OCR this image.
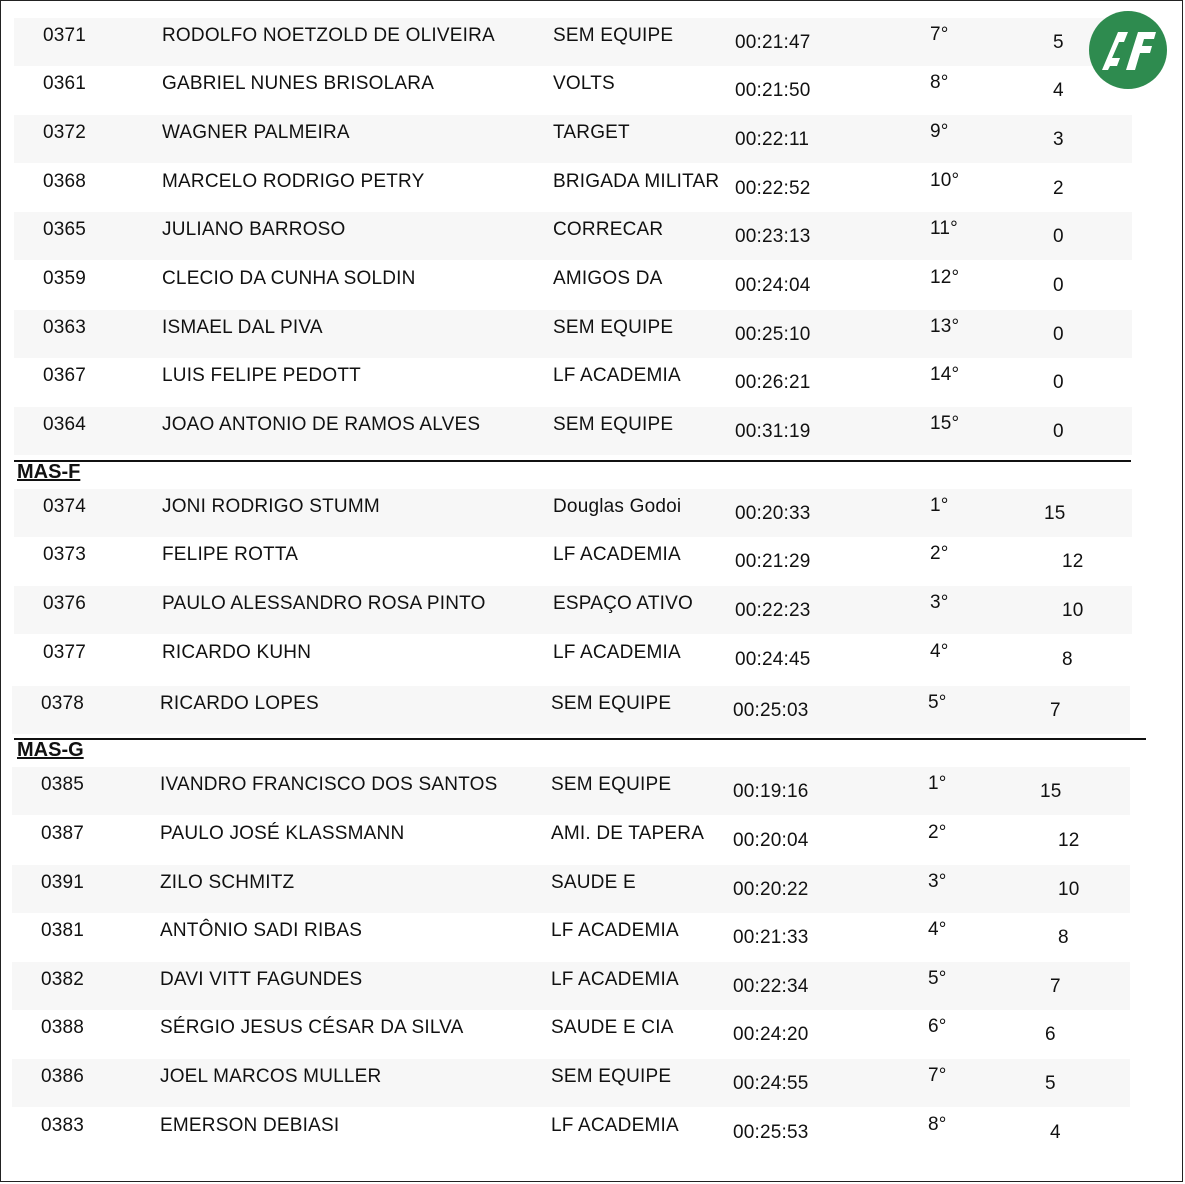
0371	RODOLFO NOETZOLD DE OLIVEIRA	SEM EQUIPE	00:21:47	7°	5
0361	GABRIEL NUNES BRISOLARA	VOLTS	00:21:50	8°	4
0372	WAGNER PALMEIRA	TARGET	00:22:11	9°	3
0368	MARCELO RODRIGO PETRY	BRIGADA MILITAR 00:22:52	10°	2
0365	JULIANO BARROSO	CORRECAR	00:23:13	11°	0
0359	CLECIO DA CUNHA SOLDIN	AMIGOS DA	00:24:04	12°	0
0363	ISMAEL DAL PIVA	SEM EQUIPE	00:25:10	13°	0
0367	LUIS FELIPE PEDOTT	LF ACADEMIA	00:26:21	14°	0
0364	JOAO ANTONIO DE RAMOS ALVES	SEM EQUIPE	00:31:19	15°	0
MAS-F
0374	JONI RODRIGO STUMM	Douglas Godoi	00:20:33	1°	15
0373	FELIPE ROTTA	LF ACADEMIA	00:21:29	2°	12
0376	PAULO ALESSANDRO ROSA PINTO	ESPAÇO ATIVO 00:22:23	3°	10
0377	RICARDO KUHN	LF ACADEMIA	00:24:45	4°	8
0378	RICARDO LOPES	SEM EQUIPE	00:25:03	5°	7
MAS-G
0385	IVANDRO FRANCISCO DOS SANTOS	SEM EQUIPE	00:19:16	1°	15
0387	PAULO JOSÉ KLASSMANN	AMI. DE TAPERA 00:20:04	2°	12
0391	ZILO SCHMITZ	SAUDE E	00:20:22	3°	10
0381	ANTÔNIO SADI RIBAS	LF ACADEMIA	00:21:33	4°	8
0382	DAVI VITT FAGUNDES	LF ACADEMIA	00:22:34	5°	7
0388	SÉRGIO JESUS CÉSAR DA SILVA	SAUDE E CIA	00:24:20	6°	6
0386	JOEL MARCOS MULLER	SEM EQUIPE	00:24:55	7°	5
0383	EMERSON DEBIASI	LF ACADEMIA	00:25:53	8°	4
